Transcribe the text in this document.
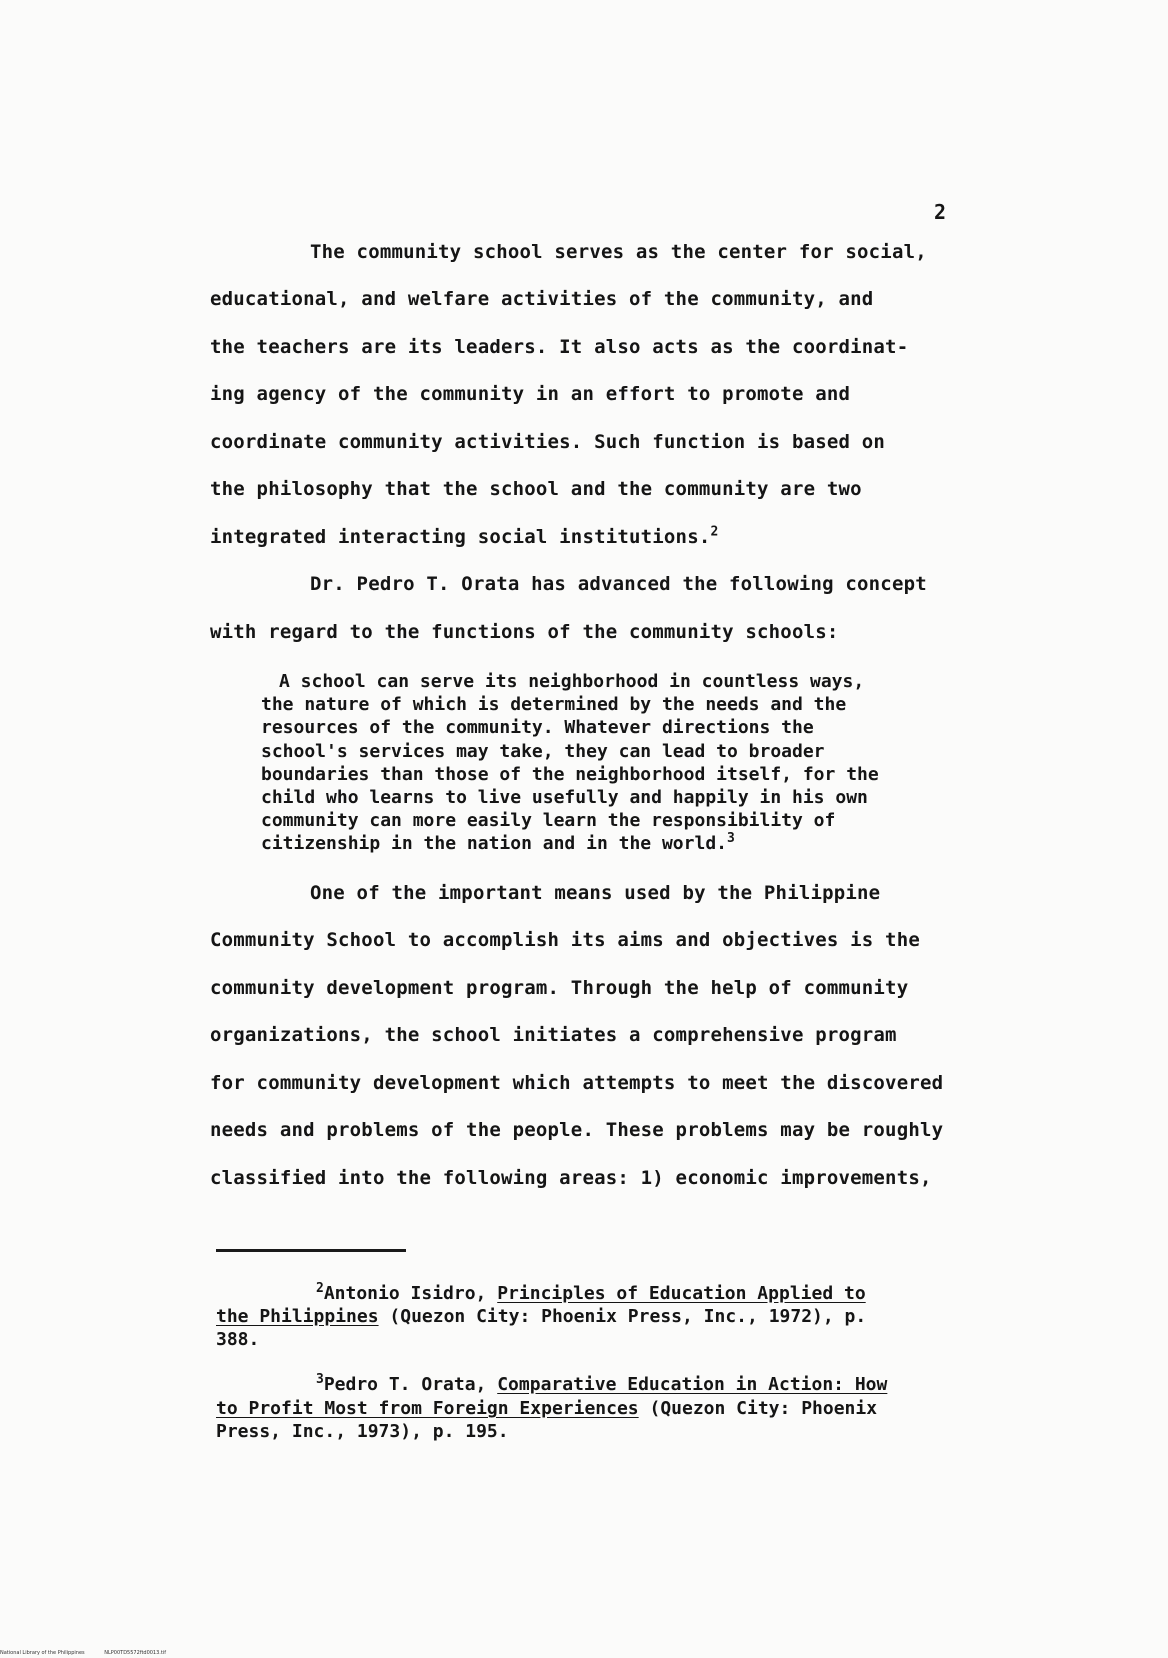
2
The community school serves as the center for social,
educational, and welfare activities of the community, and
the teachers are its leaders. It also acts as the coordinat-
ing agency of the community in an effort to promote and
coordinate community activities. Such function is based on
the philosophy that the school and the community are two
integrated interacting social institutions.$^2$
Dr. Pedro T. Orata has advanced the following concept
with regard to the functions of the community schools:
A school can serve its neighborhood in countless ways,
the nature of which is determined by the needs and the
resources of the community. Whatever directions the
school's services may take, they can lead to broader
boundaries than those of the neighborhood itself, for the
child who learns to live usefully and happily in his own
community can more easily learn the responsibility of
citizenship in the nation and in the world.$^3$
One of the important means used by the Philippine
Community School to accomplish its aims and objectives is the
community development program. Through the help of community
organizations, the school initiates a comprehensive program
for community development which attempts to meet the discovered
needs and problems of the people. These problems may be roughly
classified into the following areas: 1) economic improvements,
$^2$Antonio Isidro, Principles of Education Applied to
the Philippines (Quezon City: Phoenix Press, Inc., 1972), p.
388.
$^3$Pedro T. Orata, Comparative Education in Action: How
to Profit Most from Foreign Experiences (Quezon City: Phoenix
Press, Inc., 1973), p. 195.
National Library of the Philippines	NLP00TD5572ftd0013.tif
